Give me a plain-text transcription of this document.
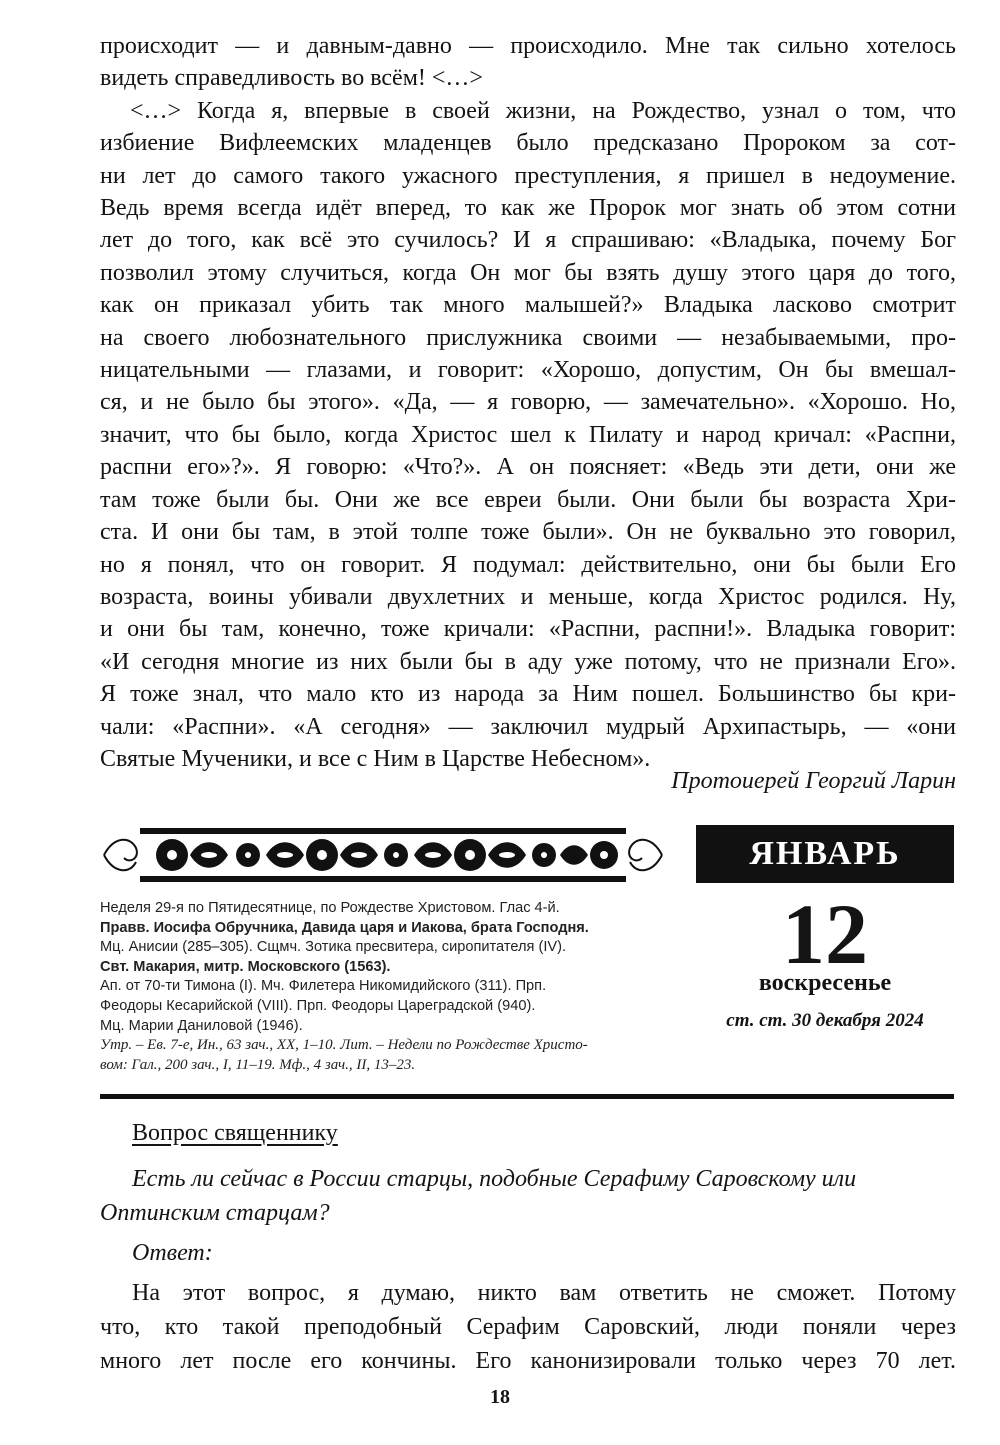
происходит — и давным-давно — происходило. Мне так сильно хотелось
видеть справедливость во всём! <…>
<…> Когда я, впервые в своей жизни, на Рождество, узнал о том, что
избиение Вифлеемских младенцев было предсказано Пророком за сот-
ни лет до самого такого ужасного преступления, я пришел в недоумение.
Ведь время всегда идёт вперед, то как же Пророк мог знать об этом сотни
лет до того, как всё это сучилось? И я спрашиваю: «Владыка, почему Бог
позволил этому случиться, когда Он мог бы взять душу этого царя до того,
как он приказал убить так много малышей?» Владыка ласково смотрит
на своего любознательного прислужника своими — незабываемыми, про-
ницательными — глазами, и говорит: «Хорошо, допустим, Он бы вмешал-
ся, и не было бы этого». «Да, — я говорю, — замечательно». «Хорошо. Но,
значит, что бы было, когда Христос шел к Пилату и народ кричал: «Распни,
распни его»?». Я говорю: «Что?». А он поясняет: «Ведь эти дети, они же
там тоже были бы. Они же все евреи были. Они были бы возраста Хри-
ста. И они бы там, в этой толпе тоже были». Он не буквально это говорил,
но я понял, что он говорит. Я подумал: действительно, они бы были Его
возраста, воины убивали двухлетних и меньше, когда Христос родился. Ну,
и они бы там, конечно, тоже кричали: «Распни, распни!». Владыка говорит:
«И сегодня многие из них были бы в аду уже потому, что не признали Его».
Я тоже знал, что мало кто из народа за Ним пошел. Большинство бы кри-
чали: «Распни». «А сегодня» — заключил мудрый Архипастырь, — «они
Святые Мученики, и все с Ним в Царстве Небесном».
Протоиерей Георгий Ларин
ЯНВАРЬ
12
воскресенье
ст. ст. 30 декабря 2024
Неделя 29-я по Пятидесятнице, по Рождестве Христовом. Глас 4-й.
Правв. Иосифа Обручника, Давида царя и Иакова, брата Господня.
Мц. Анисии (285–305). Сщмч. Зотика пресвитера, сиропитателя (IV).
Свт. Макария, митр. Московского (1563).
Ап. от 70-ти Тимона (I). Мч. Филетера Никомидийского (311). Прп.
Феодоры Кесарийской (VIII). Прп. Феодоры Царегрaдской (940).
Мц. Марии Даниловой (1946).
Утр. – Ев. 7-е, Ин., 63 зач., XX, 1–10. Лит. – Недели по Рождестве Христо-
вом: Гал., 200 зач., I, 11–19. Мф., 4 зач., II, 13–23.
Вопрос священнику
Есть ли сейчас в России старцы, подобные Серафиму Саровскому или
Оптинским старцам?
Ответ:
На этот вопрос, я думаю, никто вам ответить не сможет. Потому
что, кто такой преподобный Серафим Саровский, люди поняли через
много лет после его кончины. Его канонизировали только через 70 лет.
18
